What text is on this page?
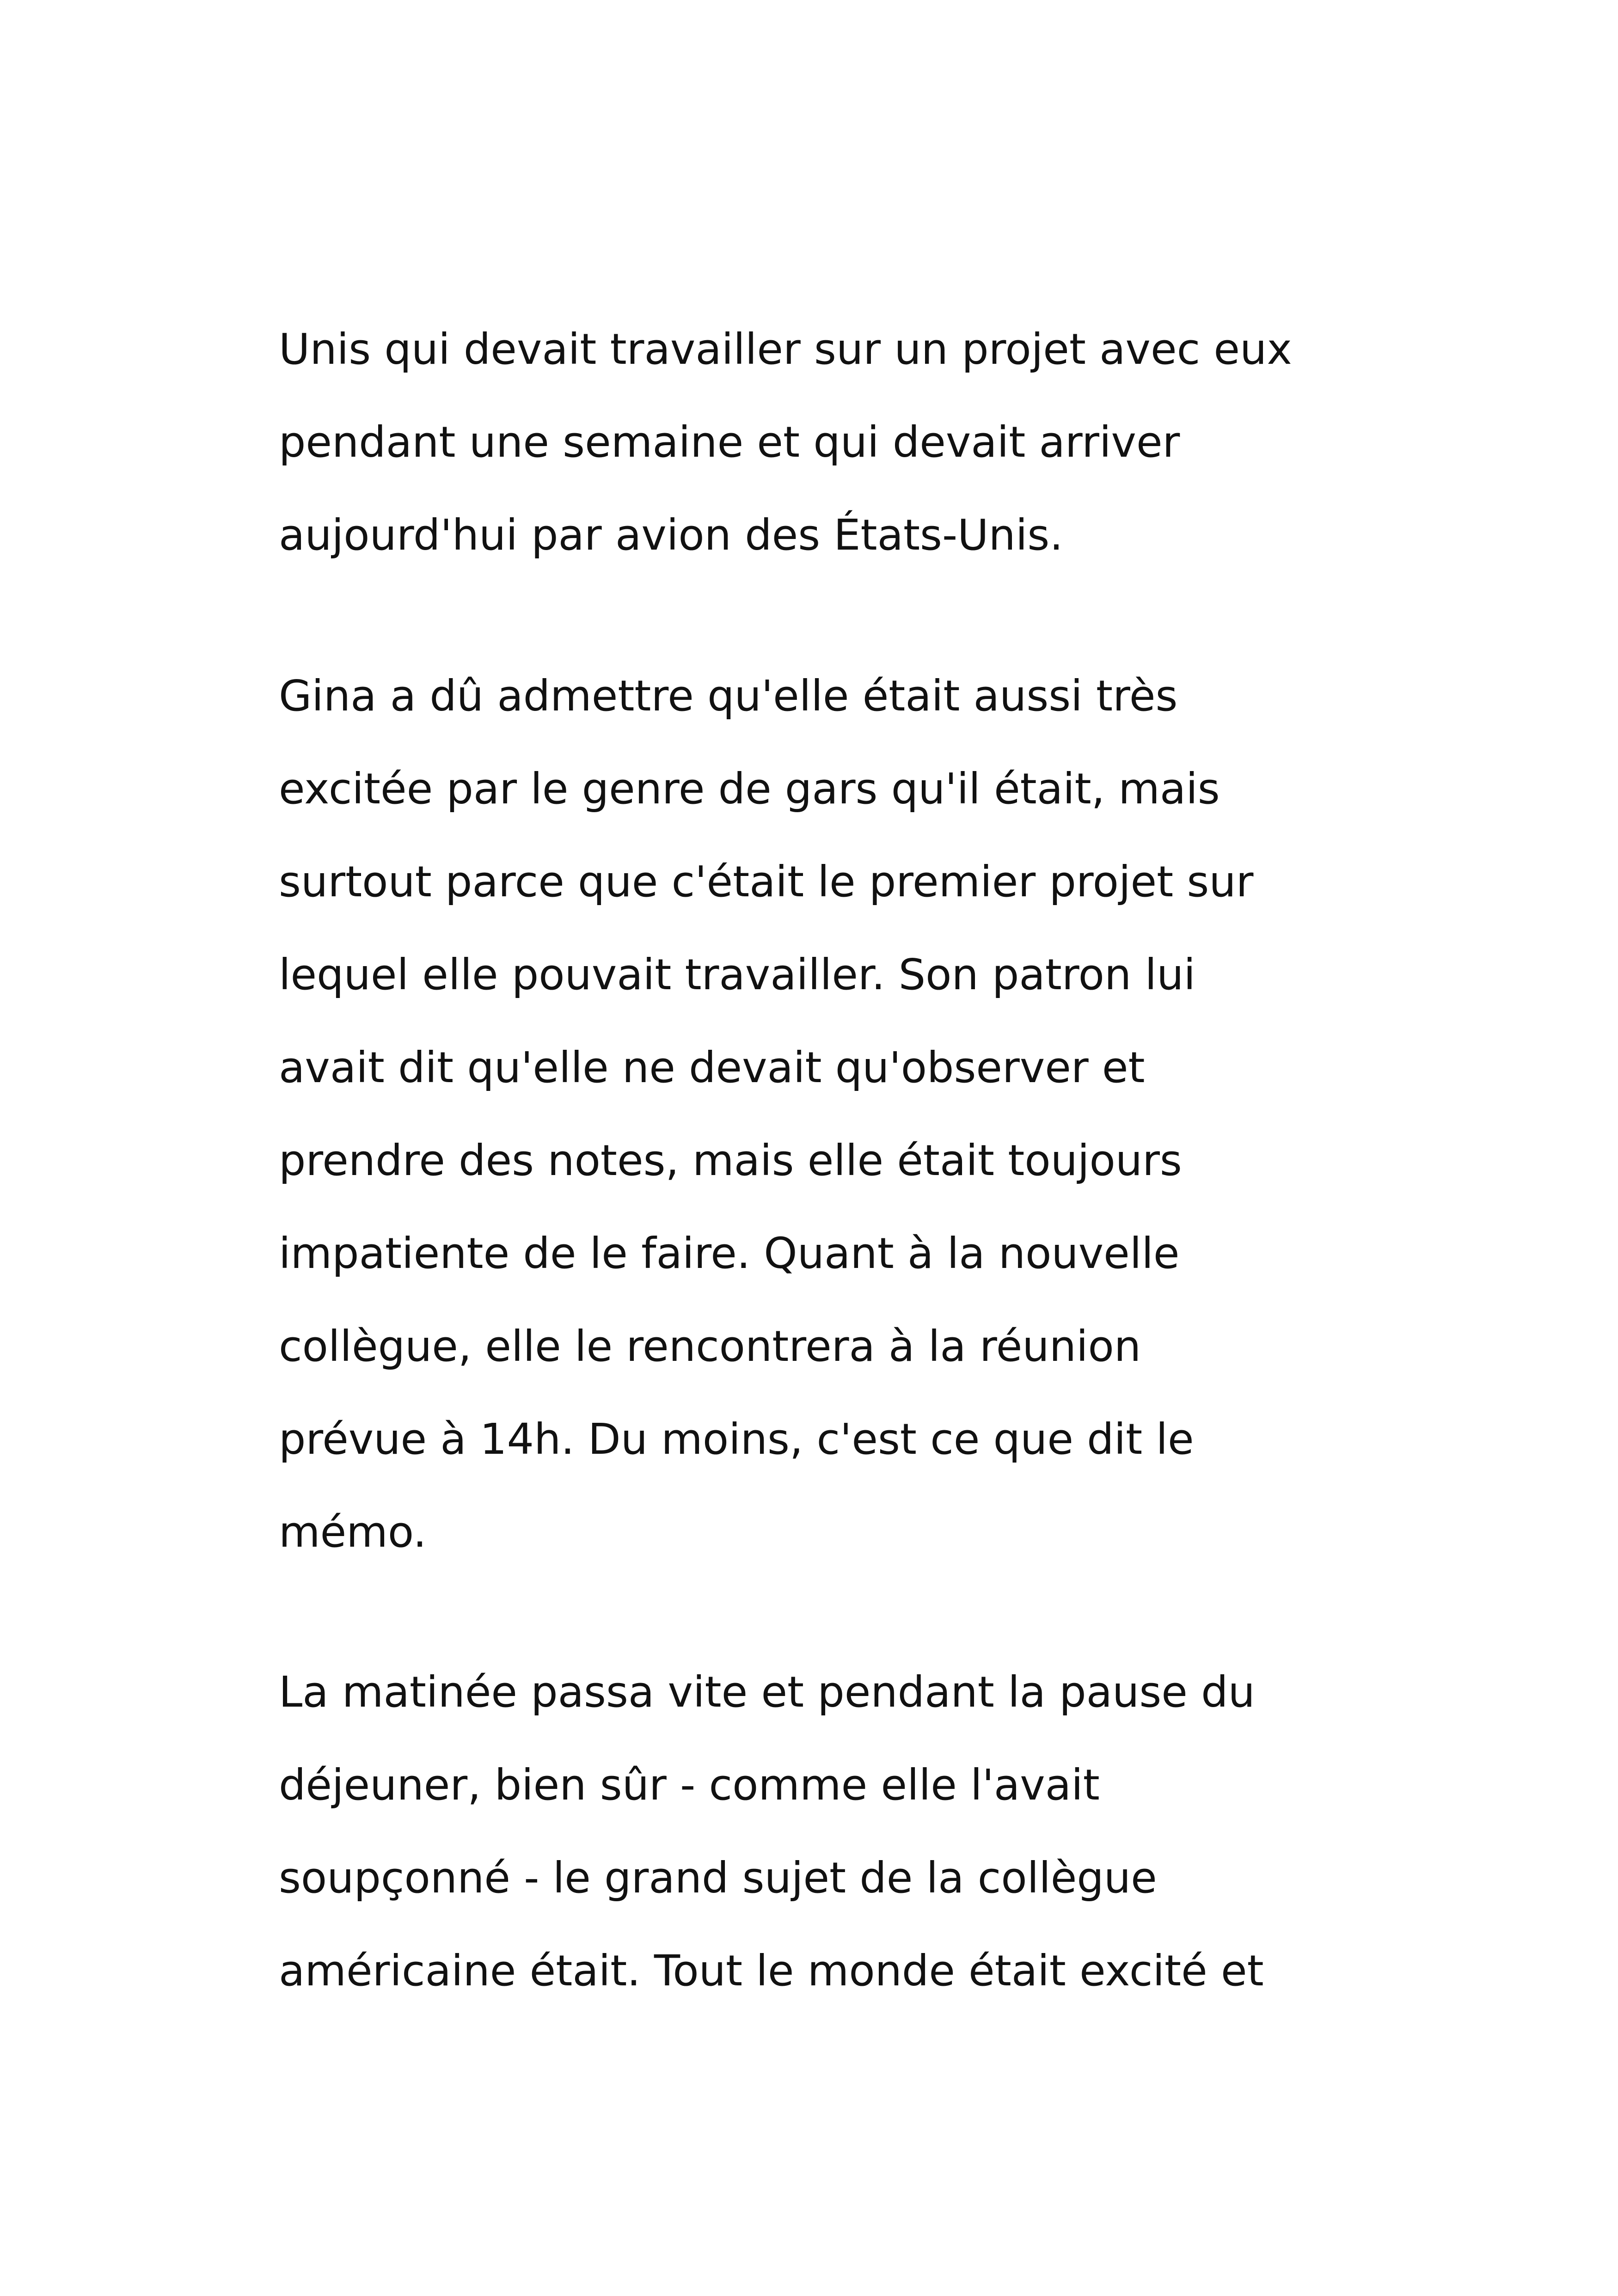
Unis qui devait travailler sur un projet avec eux
pendant une semaine et qui devait arriver
aujourd'hui par avion des États-Unis.
Gina a dû admettre qu'elle était aussi très
excitée par le genre de gars qu'il était, mais
surtout parce que c'était le premier projet sur
lequel elle pouvait travailler. Son patron lui
avait dit qu'elle ne devait qu'observer et
prendre des notes, mais elle était toujours
impatiente de le faire. Quant à la nouvelle
collègue, elle le rencontrera à la réunion
prévue à 14h. Du moins, c'est ce que dit le
mémo.
La matinée passa vite et pendant la pause du
déjeuner, bien sûr - comme elle l'avait
soupçonné - le grand sujet de la collègue
américaine était. Tout le monde était excité et
